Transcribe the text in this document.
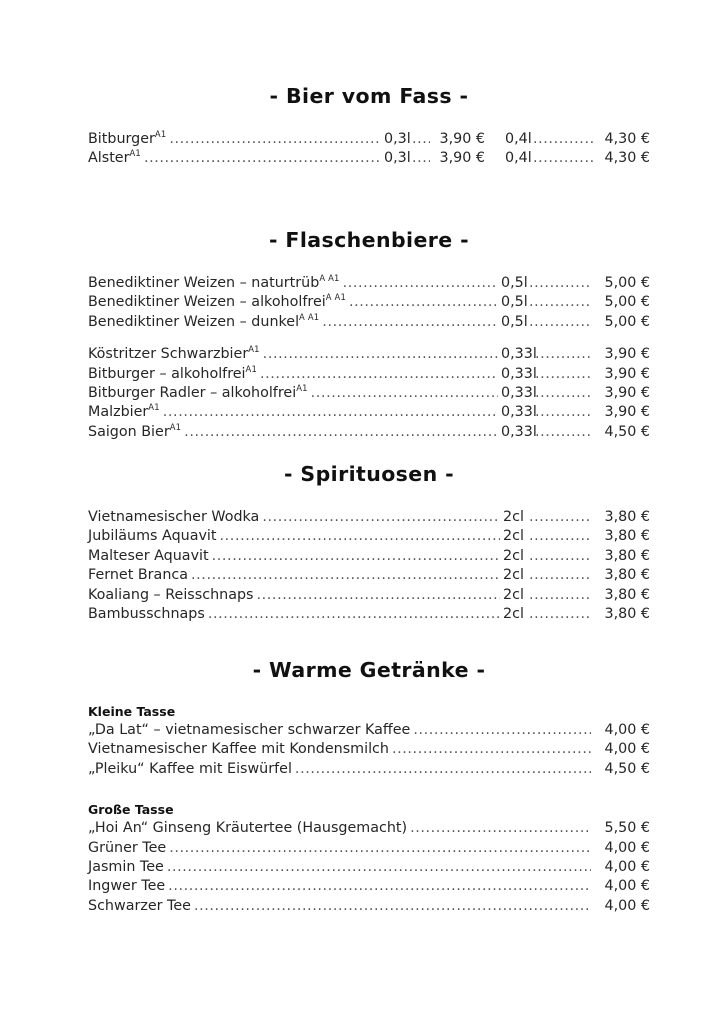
- Bier vom Fass -
Bitburger$^{A1}$ .....	0,3l .....	3,90 € 0,4l .....	4,30 €
Alster$^{A1}$ .....	0,3l .....	3,90 € 0,4l .....	4,30 €
- Flaschenbiere -
Benediktiner Weizen – naturtrüb$^{A A1}$ .....	0,5l .....	5,00 €
Benediktiner Weizen – alkoholfrei$^{A A1}$ .....	0,5l .....	5,00 €
Benediktiner Weizen – dunkel$^{A A1}$ .....	0,5l .....	5,00 €
Köstritzer Schwarzbier$^{A1}$ .....	0,33l .....	3,90 €
Bitburger – alkoholfrei$^{A1}$ .....	0,33l .....	3,90 €
Bitburger Radler – alkoholfrei$^{A1}$ .....	0,33l .....	3,90 €
Malzbier$^{A1}$ .....	0,33l .....	3,90 €
Saigon Bier$^{A1}$ .....	0,33l .....	4,50 €
- Spirituosen -
Vietnamesischer Wodka .....	2cl .....	3,80 €
Jubiläums Aquavit .....	2cl .....	3,80 €
Malteser Aquavit .....	2cl .....	3,80 €
Fernet Branca .....	2cl .....	3,80 €
Koaliang – Reisschnaps .....	2cl .....	3,80 €
Bambusschnaps .....	2cl .....	3,80 €
- Warme Getränke -
Kleine Tasse
„Da Lat“ – vietnamesischer schwarzer Kaffee .....	4,00 €
Vietnamesischer Kaffee mit Kondensmilch .....	4,00 €
„Pleiku“ Kaffee mit Eiswürfel .....	4,50 €
Große Tasse
„Hoi An“ Ginseng Kräutertee (Hausgemacht) .....	5,50 €
Grüner Tee .....	4,00 €
Jasmin Tee .....	4,00 €
Ingwer Tee .....	4,00 €
Schwarzer Tee .....	4,00 €
